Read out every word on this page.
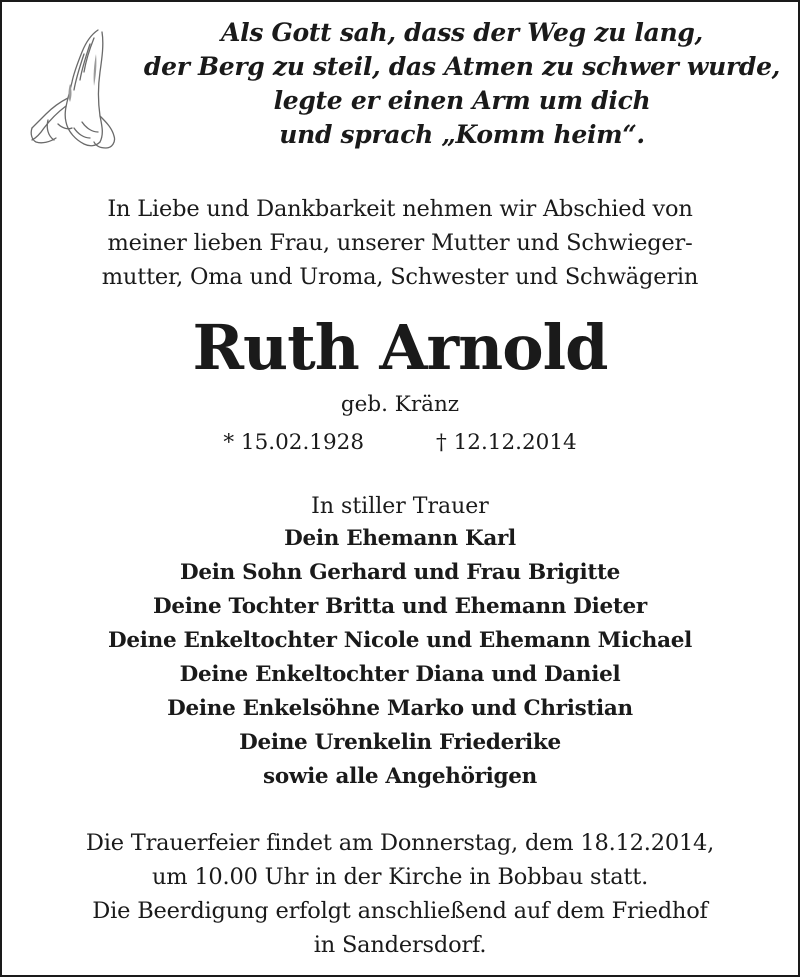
Als Gott sah, dass der Weg zu lang,
der Berg zu steil, das Atmen zu schwer wurde,
legte er einen Arm um dich
und sprach „Komm heim“.
In Liebe und Dankbarkeit nehmen wir Abschied von
meiner lieben Frau, unserer Mutter und Schwieger-
mutter, Oma und Uroma, Schwester und Schwägerin
Ruth Arnold
geb. Kränz
* 15.02.1928	† 12.12.2014
In stiller Trauer
Dein Ehemann Karl
Dein Sohn Gerhard und Frau Brigitte
Deine Tochter Britta und Ehemann Dieter
Deine Enkeltochter Nicole und Ehemann Michael
Deine Enkeltochter Diana und Daniel
Deine Enkelsöhne Marko und Christian
Deine Urenkelin Friederike
sowie alle Angehörigen
Die Trauerfeier findet am Donnerstag, dem 18.12.2014,
um 10.00 Uhr in der Kirche in Bobbau statt.
Die Beerdigung erfolgt anschließend auf dem Friedhof
in Sandersdorf.
